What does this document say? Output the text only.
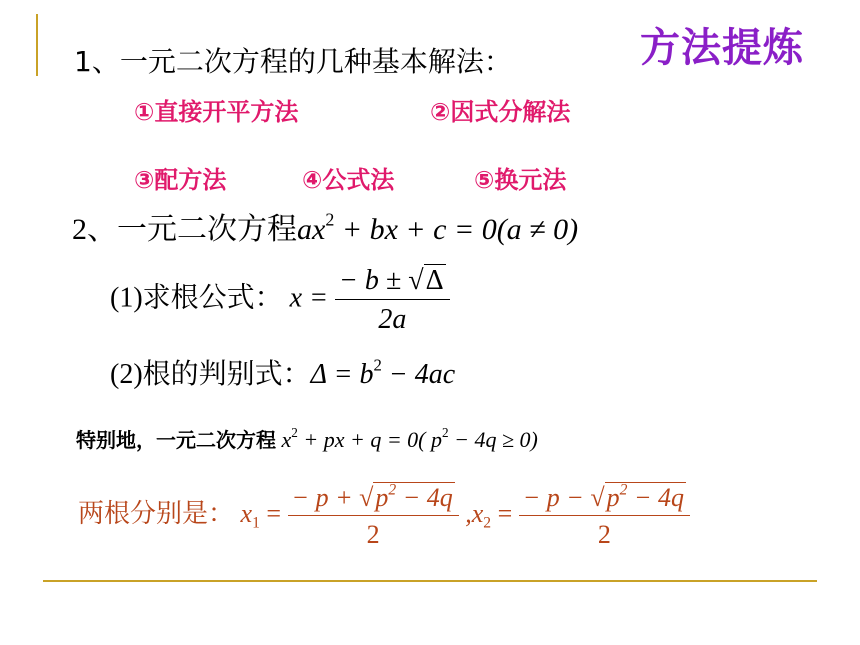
方法提炼
1、一元二次方程的几种基本解法：
①直接开平方法	②因式分解法
③配方法	④公式法	⑤换元法
2、一元二次方程$ax^2$ + bx + c = 0(a ≠ 0)
(1)求根公式： $x = \frac{- b \pm √\Delta}{2a}$
(2)根的判别式：$\Delta = b^2 - 4ac$
特别地，一元二次方程 $x^2$ + px + q = 0( $p^2 - 4q \ge 0$)
两根分别是： $x_1 = \frac{- p + √p^2 - 4q}{2} ,x_2 = \frac{- p - √p^2 - 4q}{2}$
